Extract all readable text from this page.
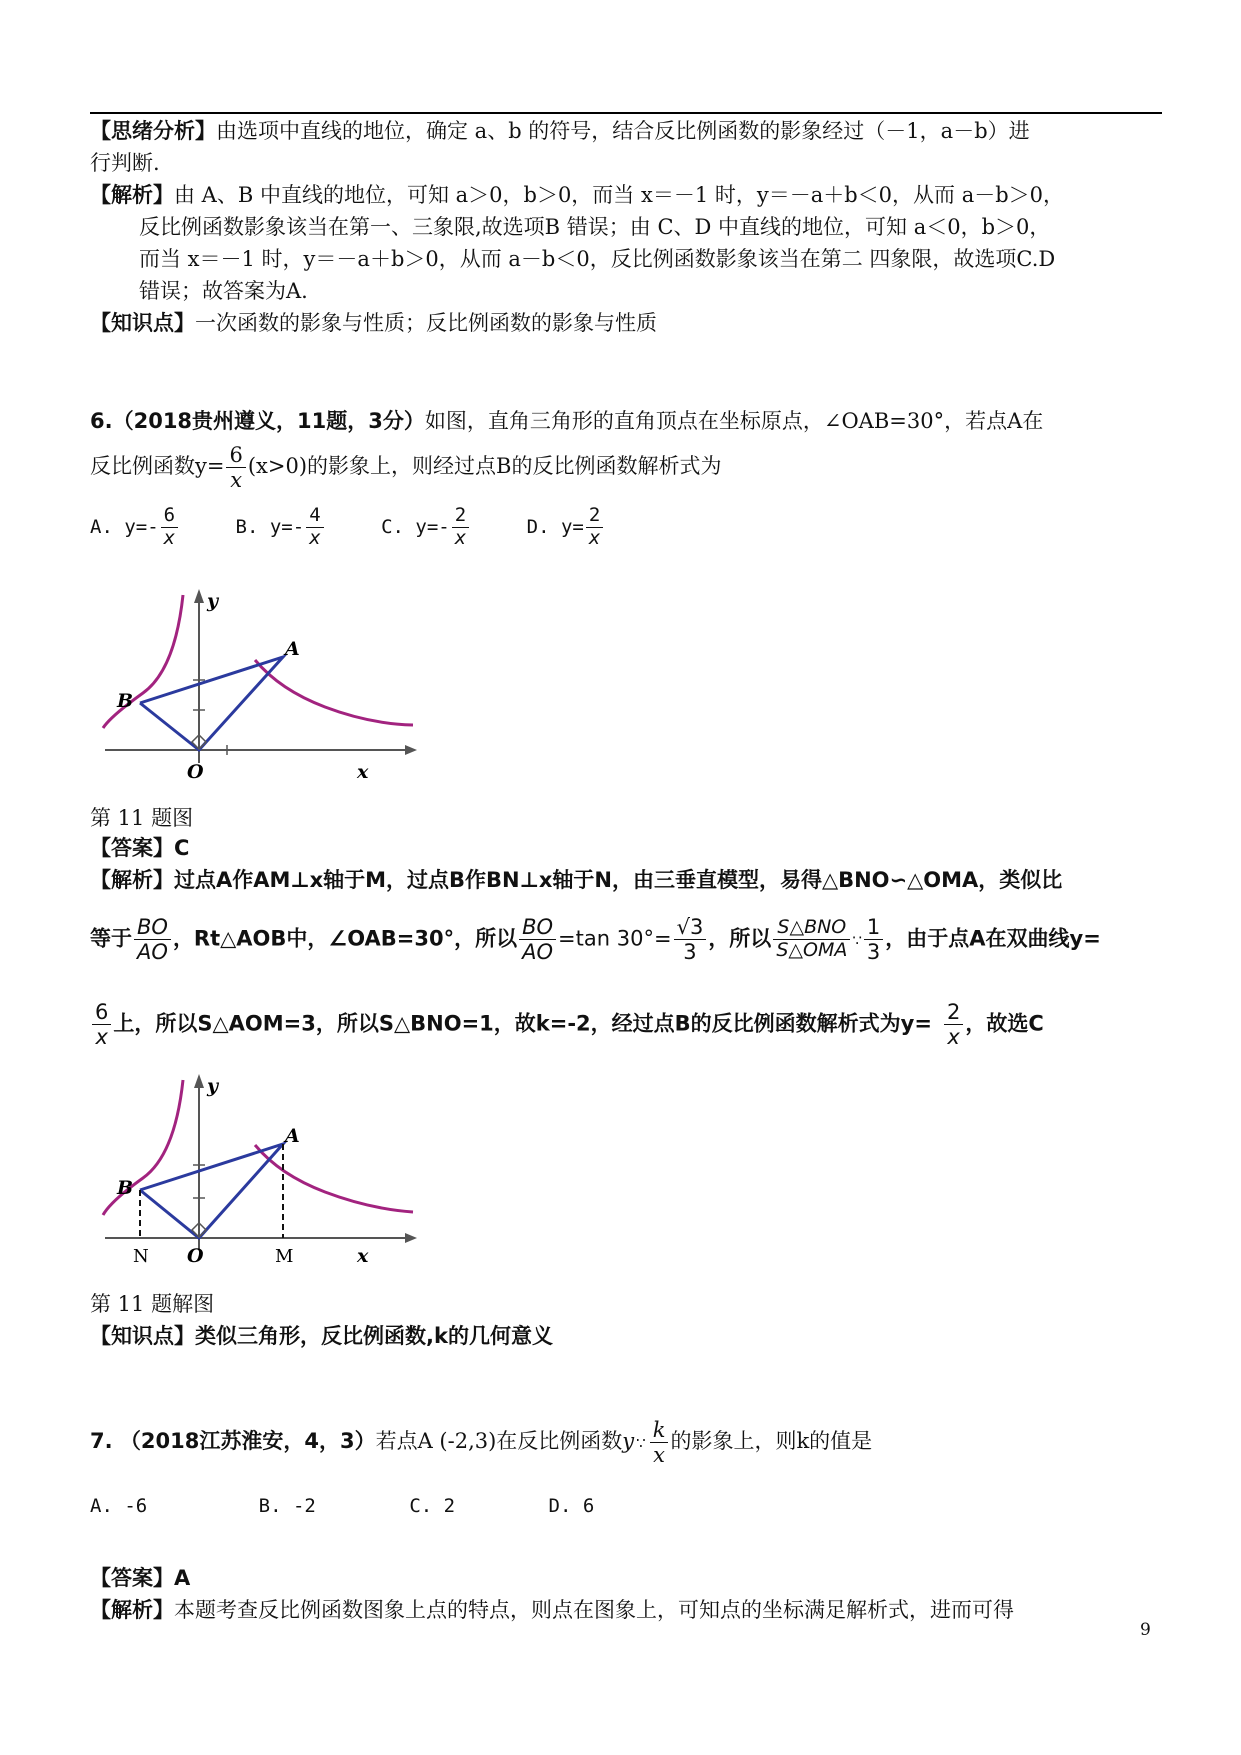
【思绪分析】由选项中直线的地位，确定 a、b 的符号，结合反比例函数的影象经过（－1，a－b）进
行判断.
【解析】由 A、B 中直线的地位，可知 a＞0，b＞0，而当 x＝－1 时，y＝－a＋b＜0，从而 a－b＞0，
反比例函数影象该当在第一、三象限,故选项B 错误；由 C、D 中直线的地位，可知 a＜0，b＞0，
而当 x＝－1 时，y＝－a＋b＞0，从而 a－b＜0，反比例函数影象该当在第二 四象限，故选项C.D
错误；故答案为A.
【知识点】一次函数的影象与性质；反比例函数的影象与性质
6.（2018贵州遵义，11题，3分）如图，直角三角形的直角顶点在坐标原点，∠OAB=30°，若点A在
反比例函数$y= \frac{6}{x} (x>0)$的影象上，则经过点B的反比例函数解析式为
A. $y=- \frac{6}{x}$	B. $y=- \frac{4}{x}$	C. $y=- \frac{2}{x}$	D. $y= \frac{2}{x}$
y
x
O
A
B
第 11 题图
【答案】C
【解析】过点A作AM⊥x轴于M，过点B作BN⊥x轴于N，由三垂直模型，易得△BNO∽△OMA，类似比
等于 $\frac{BO}{AO}$ ，Rt△AOB中，∠OAB=30°，所以 $\frac{BO}{AO} =\tan$ $30^\circ= \frac{√3}{3}$ ，所以 $\frac{\text{S△BNO}}{\text{S△OMA}}$ ∵ $\frac{1}{3}$ ，由于点A在双曲线y=
$\frac{6}{x}$ 上，所以S△AOM=3，所以S△BNO=1，故k=-2，经过点B的反比例函数解析式为$y= \frac{2}{x}$ ，故选C
y
x
O
A
B
N	M
第 11 题解图
【知识点】类似三角形，反比例函数,k的几何意义
7. （2018江苏淮安，4，3）若点A (-2,3)在反比例函数y ∵ $\frac{k}{x}$ 的影象上，则k的值是
A. -6	B. -2	C. 2	D. 6
【答案】A
【解析】本题考查反比例函数图象上点的特点，则点在图象上，可知点的坐标满足解析式，进而可得
9
